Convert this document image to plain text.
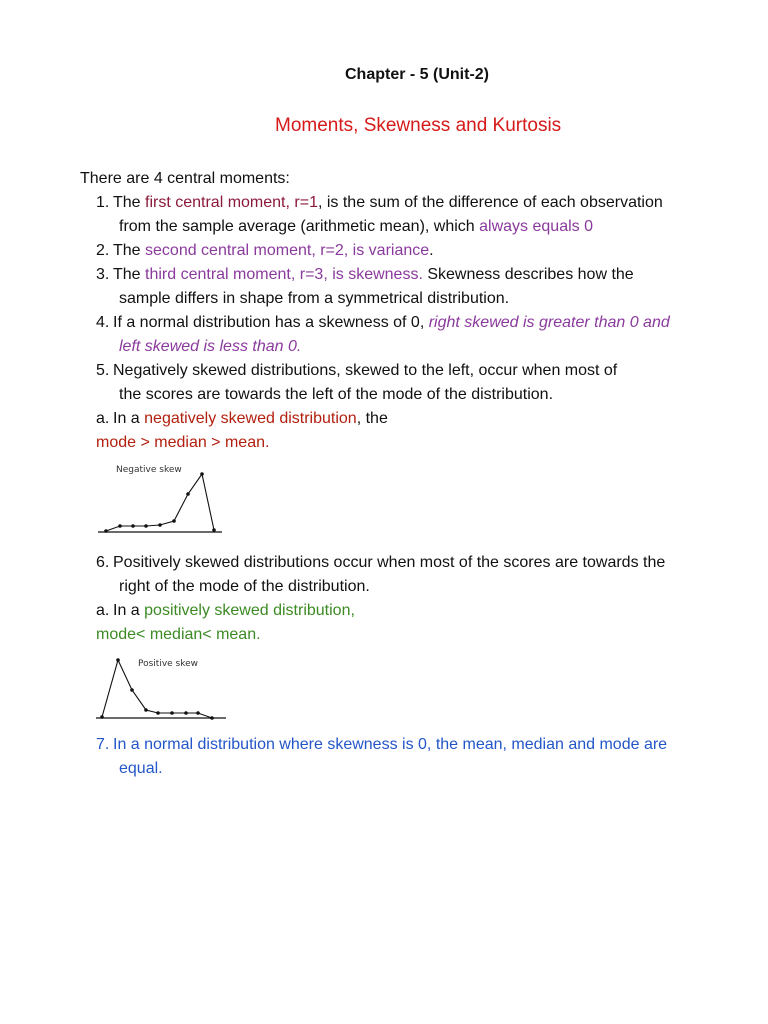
Chapter - 5 (Unit-2)
Moments, Skewness and Kurtosis
There are 4 central moments:
1. The first central moment, r=1, is the sum of the difference of each observation
from the sample average (arithmetic mean), which always equals 0
2. The second central moment, r=2, is variance.
3. The third central moment, r=3, is skewness. Skewness describes how the
sample differs in shape from a symmetrical distribution.
4. If a normal distribution has a skewness of 0, right skewed is greater than 0 and
left skewed is less than 0.
5. Negatively skewed distributions, skewed to the left, occur when most of
the scores are towards the left of the mode of the distribution.
a. In a negatively skewed distribution, the
mode > median > mean.
Negative skew
6. Positively skewed distributions occur when most of the scores are towards the
right of the mode of the distribution.
a. In a positively skewed distribution,
mode< median< mean.
Positive skew
7. In a normal distribution where skewness is 0, the mean, median and mode are
equal.
